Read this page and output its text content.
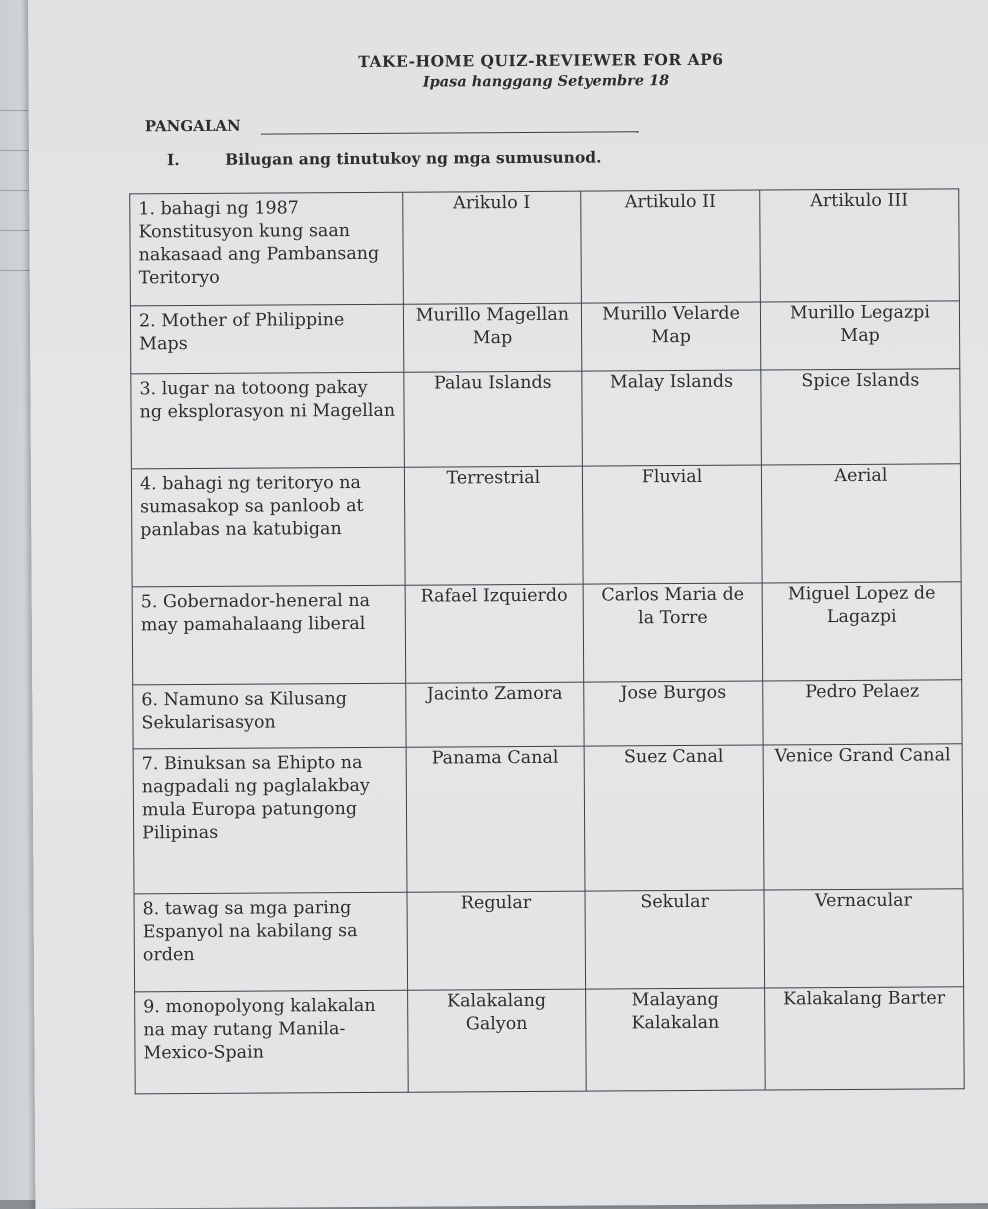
TAKE-HOME QUIZ-REVIEWER FOR AP6
Ipasa hanggang Setyembre 18
PANGALAN
I.	Bilugan ang tinutukoy ng mga sumusunod.
1. bahagi ng 1987 Konstitusyon kung saan nakasaad ang Pambansang Teritoryo	Arikulo I	Artikulo II	Artikulo III
2. Mother of Philippine Maps	Murillo Magellan Map	Murillo Velarde Map	Murillo Legazpi Map
3. lugar na totoong pakay ng eksplorasyon ni Magellan	Palau Islands	Malay Islands	Spice Islands
4. bahagi ng teritoryo na sumasakop sa panloob at panlabas na katubigan	Terrestrial	Fluvial	Aerial
5. Gobernador-heneral na may pamahalaang liberal	Rafael Izquierdo	Carlos Maria de la Torre	Miguel Lopez de Lagazpi
6. Namuno sa Kilusang Sekularisasyon	Jacinto Zamora	Jose Burgos	Pedro Pelaez
7. Binuksan sa Ehipto na nagpadali ng paglalakbay mula Europa patungong Pilipinas	Panama Canal	Suez Canal	Venice Grand Canal
8. tawag sa mga paring Espanyol na kabilang sa orden	Regular	Sekular	Vernacular
9. monopolyong kalakalan na may rutang Manila-Mexico-Spain	Kalakalang Galyon	Malayang Kalakalan	Kalakalang Barter
